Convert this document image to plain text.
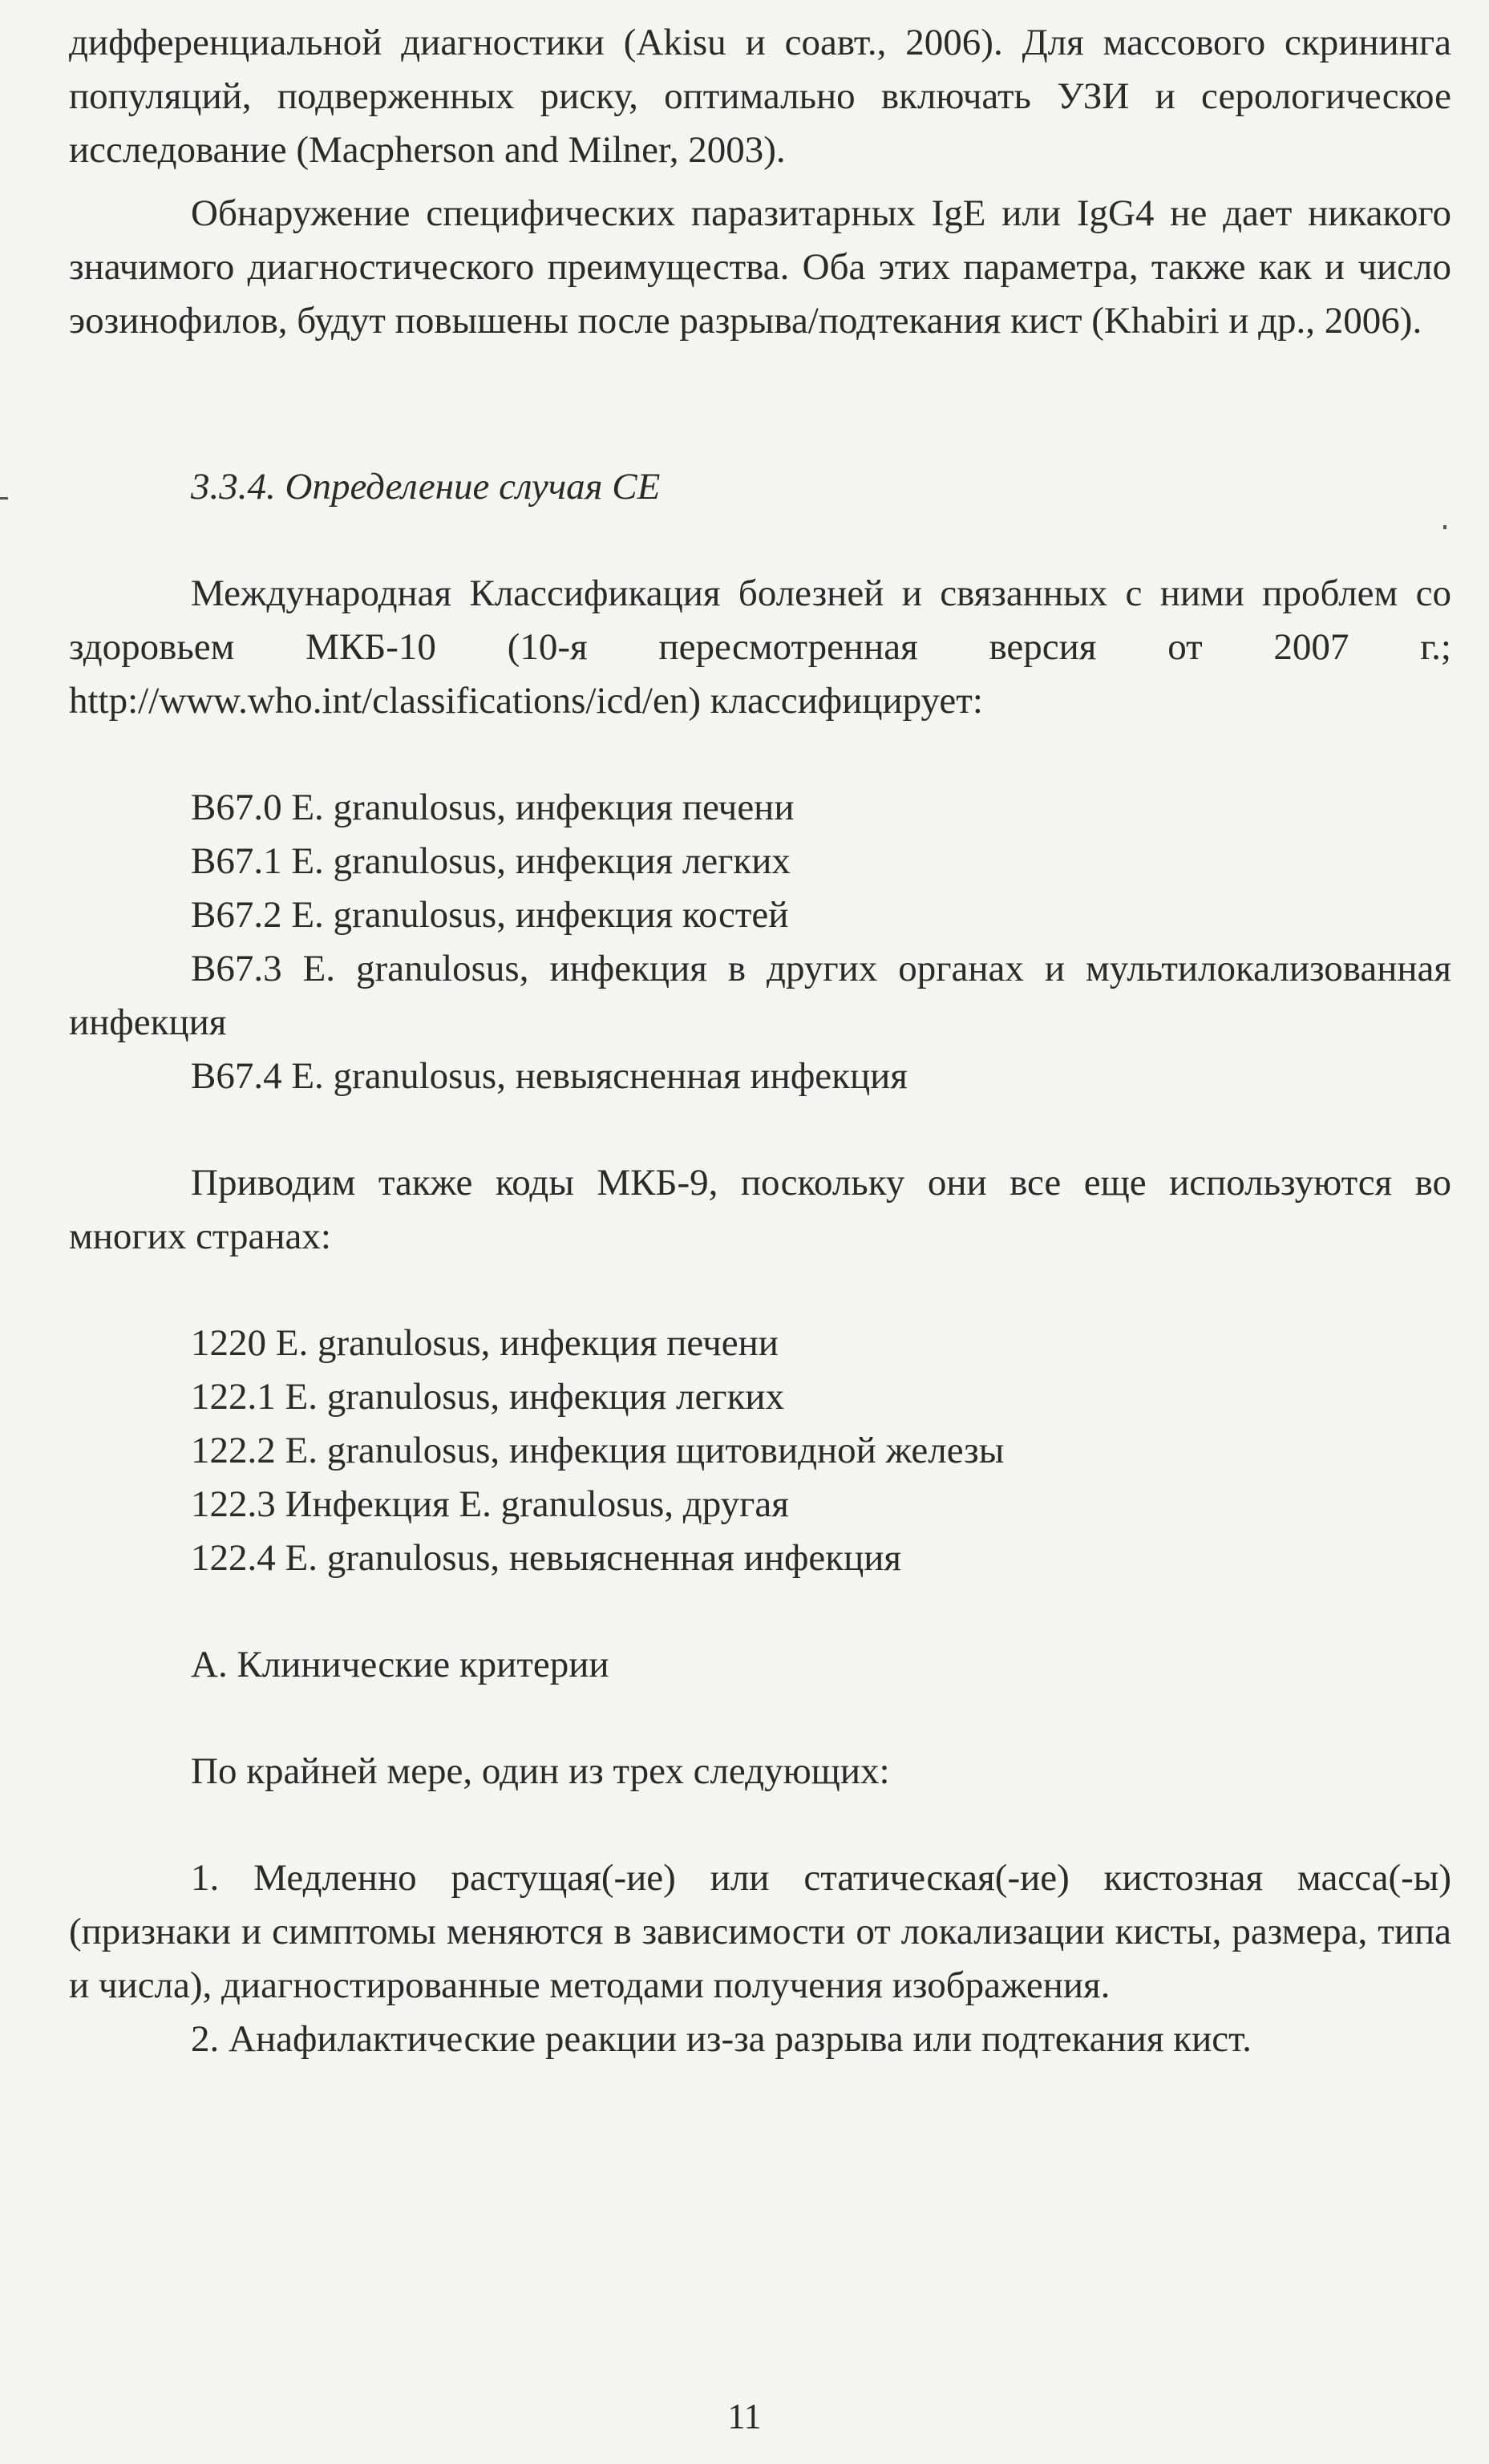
дифференциальной диагностики (Akisu и соавт., 2006). Для массового скрининга популяций, подверженных риску, оптимально включать УЗИ и серологическое исследование (Macpherson and Milner, 2003).

Обнаружение специфических паразитарных IgE или IgG4 не дает никакого значимого диагностического преимущества. Оба этих параметра, также как и число эозинофилов, будут повышены после разрыва/подтекания кист (Khabiri и др., 2006).

3.3.4. Определение случая CE

Международная Классификация болезней и связанных с ними проблем со здоровьем МКБ-10 (10-я пересмотренная версия от 2007 г.; http://www.who.int/classifications/icd/en) классифицирует:

B67.0 E. granulosus, инфекция печени
B67.1 E. granulosus, инфекция легких
B67.2 E. granulosus, инфекция костей
B67.3 E. granulosus, инфекция в других органах и мультилокализованная инфекция
B67.4 E. granulosus, невыясненная инфекция

Приводим также коды МКБ-9, поскольку они все еще используются во многих странах:

1220 E. granulosus, инфекция печени
122.1 E. granulosus, инфекция легких
122.2 E. granulosus, инфекция щитовидной железы
122.3 Инфекция E. granulosus, другая
122.4 E. granulosus, невыясненная инфекция

A. Клинические критерии

По крайней мере, один из трех следующих:

1. Медленно растущая(-ие) или статическая(-ие) кистозная масса(-ы) (признаки и симптомы меняются в зависимости от локализации кисты, размера, типа и числа), диагностированные методами получения изображения.

2. Анафилактические реакции из-за разрыва или подтекания кист.

11
